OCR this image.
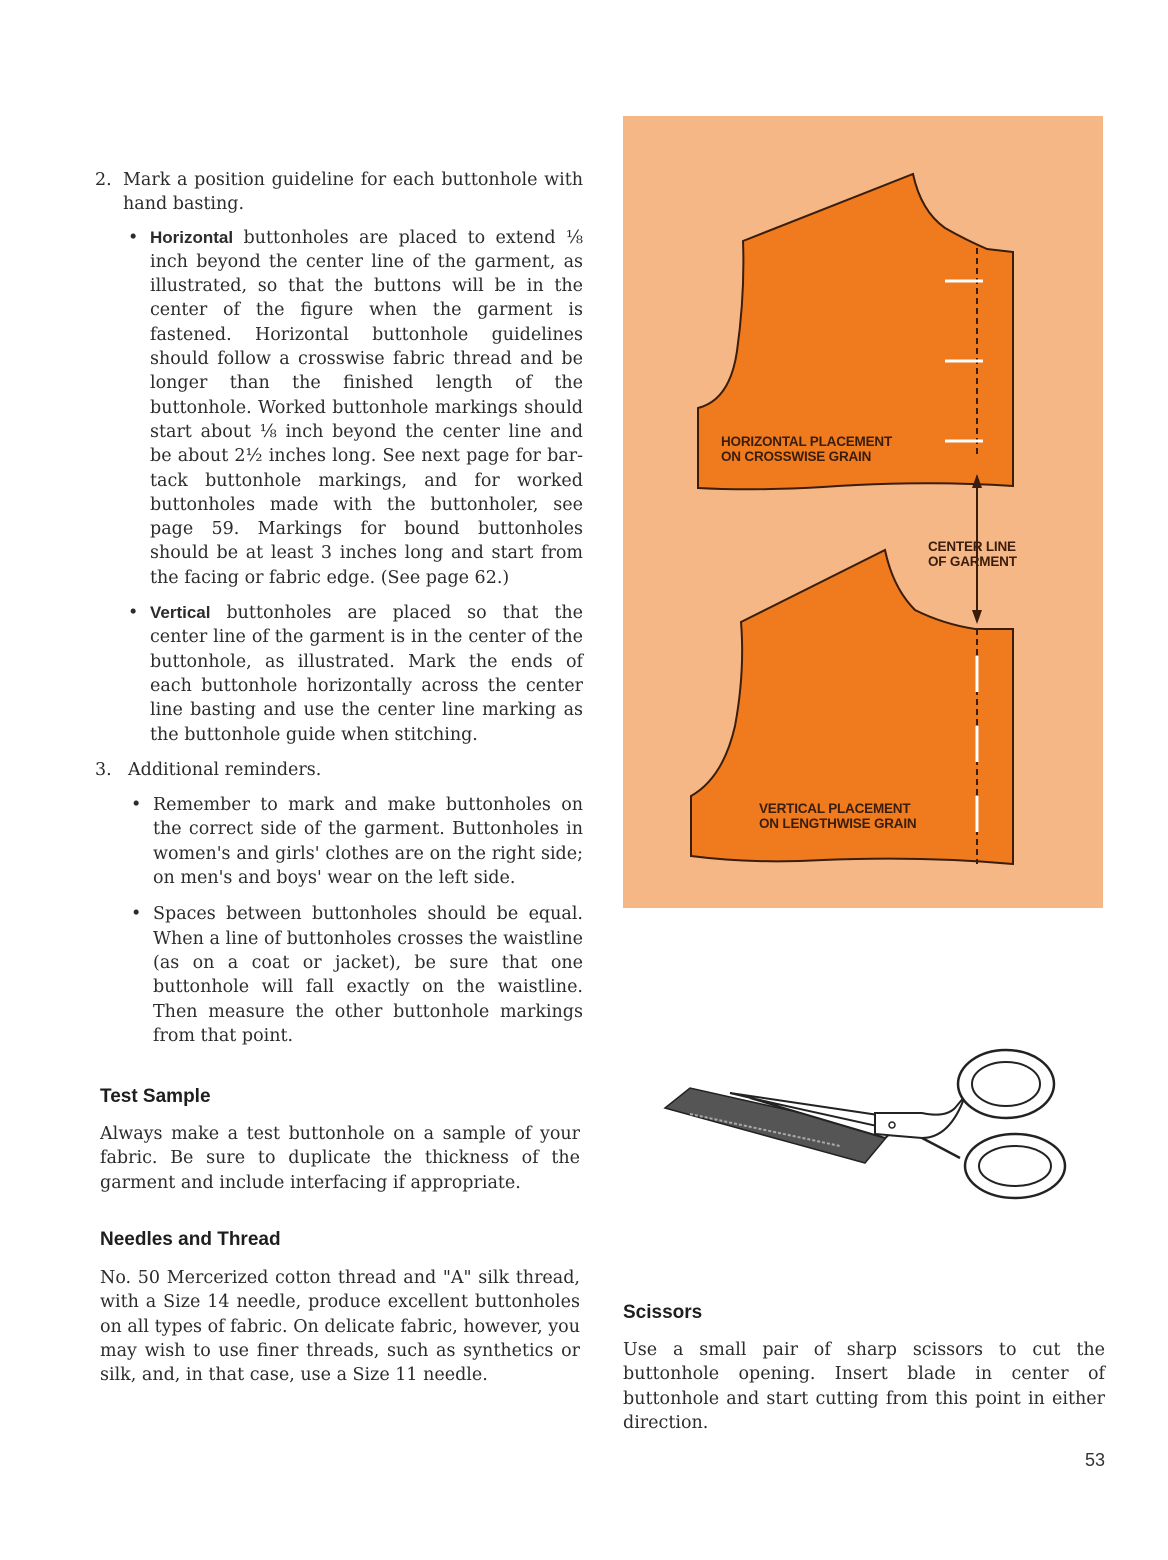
2. Mark a position guideline for each buttonhole with hand basting.

• Horizontal buttonholes are placed to extend ⅛ inch beyond the center line of the garment, as illustrated, so that the buttons will be in the center of the figure when the garment is fastened. Horizontal buttonhole guidelines should follow a crosswise fabric thread and be longer than the finished length of the buttonhole. Worked buttonhole markings should start about ⅛ inch beyond the center line and be about 2½ inches long. See next page for bar-tack buttonhole markings, and for worked buttonholes made with the buttonholer, see page 59. Markings for bound buttonholes should be at least 3 inches long and start from the facing or fabric edge. (See page 62.)

• Vertical buttonholes are placed so that the center line of the garment is in the center of the buttonhole, as illustrated. Mark the ends of each buttonhole horizontally across the center line basting and use the center line marking as the buttonhole guide when stitching.

3. Additional reminders.

• Remember to mark and make buttonholes on the correct side of the garment. Buttonholes in women's and girls' clothes are on the right side; on men's and boys' wear on the left side.

• Spaces between buttonholes should be equal. When a line of buttonholes crosses the waistline (as on a coat or jacket), be sure that one buttonhole will fall exactly on the waistline. Then measure the other buttonhole markings from that point.

Test Sample

Always make a test buttonhole on a sample of your fabric. Be sure to duplicate the thickness of the garment and include interfacing if appropriate.

Needles and Thread

No. 50 Mercerized cotton thread and "A" silk thread, with a Size 14 needle, produce excellent buttonholes on all types of fabric. On delicate fabric, however, you may wish to use finer threads, such as synthetics or silk, and, in that case, use a Size 11 needle.

HORIZONTAL PLACEMENT
ON CROSSWISE GRAIN
CENTER LINE
OF GARMENT
VERTICAL PLACEMENT
ON LENGTHWISE GRAIN
Scissors

Use a small pair of sharp scissors to cut the buttonhole opening. Insert blade in center of buttonhole and start cutting from this point in either direction.

53
